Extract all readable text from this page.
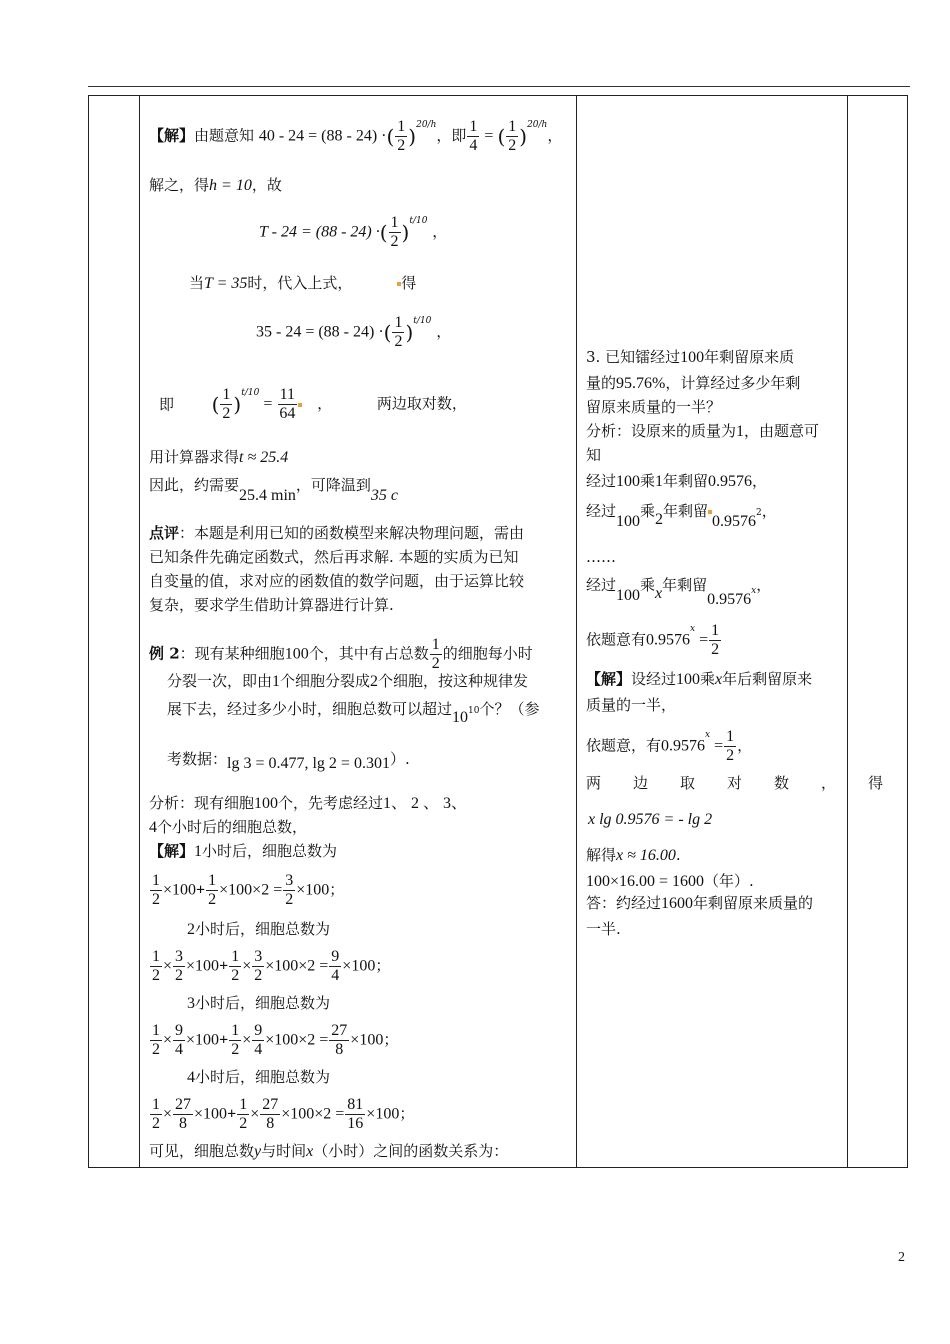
【解】由题意知 40 - 24 = (88 - 24) ·( $\frac{1}{2} )^{20/h}$，即 $\frac{1}{4}$ = ( $\frac{1}{2} )^{20/h}$，
解之，得h = 10，故
T - 24 = (88 - 24) ·( $\frac{1}{2} )^{t/10}$ ，
当T = 35时，代入上式，	得
35 - 24 = (88 - 24) ·( $\frac{1}{2} )^{t/10}$ ，
即 ( $\frac{1}{2} )^{t/10} = \frac{11}{64}$ ，	两边取对数，
用计算器求得t ≈ 25.4
因此，约需要25.4 min，可降温到35 c
点评：本题是利用已知的函数模型来解决物理问题，需由
已知条件先确定函数式，然后再求解. 本题的实质为已知
自变量的值，求对应的函数值的数学问题，由于运算比较
复杂，要求学生借助计算器进行计算.
例 2：现有某种细胞100个，其中有占总数 $\frac{1}{2}$ 的细胞每小时
分裂一次，即由1个细胞分裂成2个细胞，按这种规律发
展下去，经过多少小时，细胞总数可以超过$10^{10}$个？（参
考数据：lg 3 = 0.477, lg 2 = 0.301）.
分析：现有细胞100个，先考虑经过1、 2 、 3、
4个小时后的细胞总数，
【解】1小时后，细胞总数为
$\frac{1}{2} \times 100+ \frac{1}{2} \times 100\times 2 = \frac{3}{2} \times 100$；
2小时后，细胞总数为
$\frac{1}{2} \times \frac{3}{2} \times 100+ \frac{1}{2} \times \frac{3}{2} \times 100\times 2 = \frac{9}{4} \times 100$；
3小时后，细胞总数为
$\frac{1}{2} \times \frac{9}{4} \times 100+ \frac{1}{2} \times \frac{9}{4} \times 100\times 2 = \frac{27}{8} \times 100$；
4小时后，细胞总数为
$\frac{1}{2} \times \frac{27}{8} \times 100+ \frac{1}{2} \times \frac{27}{8} \times 100\times 2 = \frac{81}{16} \times 100$；
可见，细胞总数y与时间x（小时）之间的函数关系为：
3. 已知镭经过100年剩留原来质
量的95.76%，计算经过多少年剩
留原来质量的一半？
分析：设原来的质量为1，由题意可
知
经过100乘1年剩留0.9576，
经过100乘2年剩留0.9576$^2$，
……
经过100乘x年剩留0.9576$^x$，
依题意有$0.9576^x = \frac{1}{2}$
【解】设经过100乘x年后剩留原来
质量的一半，
依题意，有$0.9576^x = \frac{1}{2}$ ，
两边取对数，得
x lg 0.9576 = - lg 2
解得x ≈ 16.00.
100×16.00 = 1600（年）.
答：约经过1600年剩留原来质量的
一半.
2
